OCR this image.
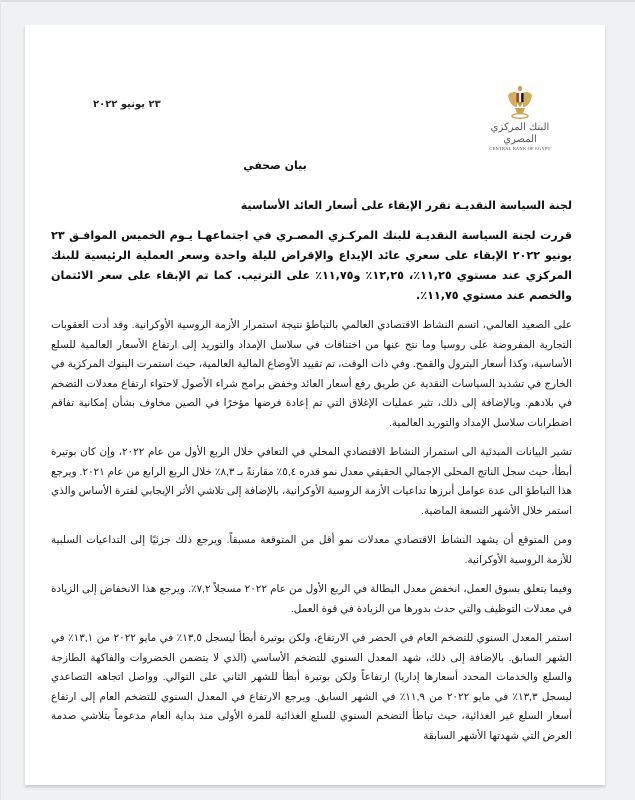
٢٣ يونيو ٢٠٢٢
البنك المركزي المصري
CENTRAL BANK OF EGYPT
بيان صحفي
لجنة السياسة النقديـة تقرر الإبقاء على أسعار العائد الأساسية
قررت لجنة السياسة النقديـة للبنك المركـزي المصـري في اجتماعهـا يـوم الخميس الموافـق ٢٣ يونيو ٢٠٢٢ الإبقاء على سعري عائد الإيداع والإقراض لليلة واحدة وسعر العملية الرئيسية للبنك المركزي عند مستوي ١١,٢٥٪، ١٢,٢٥٪ و١١,٧٥٪ على الترتيب. كما تم الإبقاء على سعر الائتمان والخصم عند مستوي ١١,٧٥٪.

على الصعيد العالمي، اتسم النشاط الاقتصادي العالمي بالتباطؤ نتيجة استمرار الأزمة الروسية الأوكرانية. وقد أدت العقوبات التجارية المفروضة على روسيا وما نتج عنها من اختناقات في سلاسل الإمداد والتوريد إلى ارتفاع الأسعار العالمية للسلع الأساسية، وكذا أسعار البترول والقمح. وفي ذات الوقت، تم تقييد الأوضاع المالية العالمية، حيث استمرت البنوك المركزية في الخارج في تشديد السياسات النقدية عن طريق رفع أسعار العائد وخفض برامج شراء الأصول لاحتواء ارتفاع معدلات التضخم في بلادهم. وبالإضافة إلى ذلك، تثير عمليات الإغلاق التي تم إعادة فرضها مؤخرًا في الصين مخاوف بشأن إمكانية تفاقم اضطرابات سلاسل الإمداد والتوريد العالمية.

تشير البيانات المبدئية الى استمرار النشاط الاقتصادي المحلي في التعافي خلال الربع الأول من عام ٢٠٢٢، وإن كان بوتيرة أبطأ، حيث سجل الناتج المحلى الإجمالي الحقيقي معدل نمو قدره ٥,٤٪ مقارنةً بـ ٨,٣٪ خلال الربع الرابع من عام ٢٠٢١. ويرجع هذا التباطؤ الى عدة عوامل أبرزها تداعيات الأزمة الروسية الأوكرانية، بالإضافة إلى تلاشي الأثر الإيجابي لفترة الأساس والذي استمر خلال الأشهر التسعة الماضية.

ومن المتوقع أن يشهد النشاط الاقتصادي معدلات نمو أقل من المتوقعة مسبقاً. ويرجع ذلك جزئيًا إلى التداعيات السلبية للأزمة الروسية الأوكرانية.

وفيما يتعلق بسوق العمل، انخفض معدل البطالة في الربع الأول من عام ٢٠٢٢ مسجلاً ٧,٢٪. ويرجع هذا الانخفاض إلى الزيادة في معدلات التوظيف والتي حدث بدورها من الزيادة في قوة العمل.

استمر المعدل السنوي للتضخم العام في الحضر في الارتفاع، ولكن بوتيرة أبطأ ليسجل ١٣,٥٪ في مايو ٢٠٢٢ من ١٣,١٪ في الشهر السابق. بالإضافة إلى ذلك، شهد المعدل السنوي للتضخم الأساسي (الذي لا يتضمن الخضروات والفاكهة الطازجة والسلع والخدمات المحدد أسعارها إداريا) ارتفاعاً ولكن بوتيرة أبطأ للشهر الثاني على التوالي. وواصل اتجاهه التصاعدي ليسجل ١٣,٣٪ في مايو ٢٠٢٢ من ١١,٩٪ في الشهر السابق. ويرجع الارتفاع في المعدل السنوي للتضخم العام إلى ارتفاع أسعار السلع غير الغذائية، حيث تباطأ التضخم السنوي للسلع الغذائية للمرة الأولى منذ بداية العام مدعوماً بتلاشي صدمة العرض التي شهدتها الأشهر السابقة
